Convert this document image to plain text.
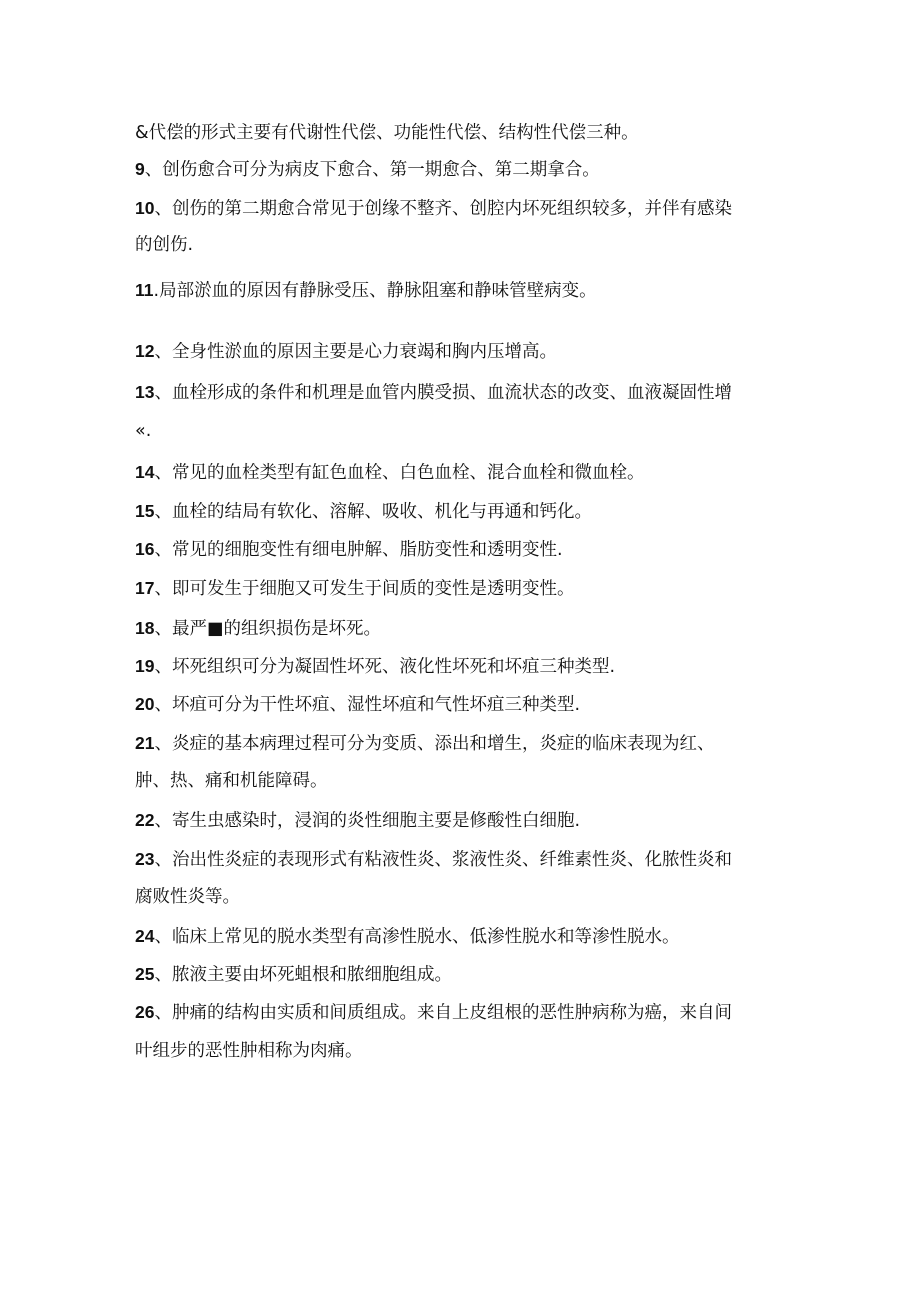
&代偿的形式主要有代谢性代偿、功能性代偿、结构性代偿三种。
9、创伤愈合可分为病皮下愈合、第一期愈合、第二期拿合。
10、创伤的第二期愈合常见于创缘不整齐、创腔内坏死组织较多，并伴有感染
的创伤.
11.局部淤血的原因有静脉受压、静脉阻塞和静味管壁病变。
12、全身性淤血的原因主要是心力衰竭和胸内压增高。
13、血栓形成的条件和机理是血管内膜受损、血流状态的改变、血液凝固性增
«.
14、常见的血栓类型有缸色血栓、白色血栓、混合血栓和微血栓。
15、血栓的结局有软化、溶解、吸收、机化与再通和钙化。
16、常见的细胞变性有细电肿解、脂肪变性和透明变性.
17、即可发生于细胞又可发生于间质的变性是透明变性。
18、最严■的组织损伤是坏死。
19、坏死组织可分为凝固性坏死、液化性坏死和坏疽三种类型.
20、坏疽可分为干性坏疽、湿性坏疽和气性坏疽三种类型.
21、炎症的基本病理过程可分为变质、添出和增生，炎症的临床表现为红、
肿、热、痛和机能障碍。
22、寄生虫感染时，浸润的炎性细胞主要是修酸性白细胞.
23、治出性炎症的表现形式有粘液性炎、浆液性炎、纤维素性炎、化脓性炎和
腐败性炎等。
24、临床上常见的脱水类型有高渗性脱水、低渗性脱水和等渗性脱水。
25、脓液主要由坏死蛆根和脓细胞组成。
26、肿痛的结构由实质和间质组成。来自上皮组根的恶性肿病称为癌，来自间
叶组步的恶性肿相称为肉痛。
